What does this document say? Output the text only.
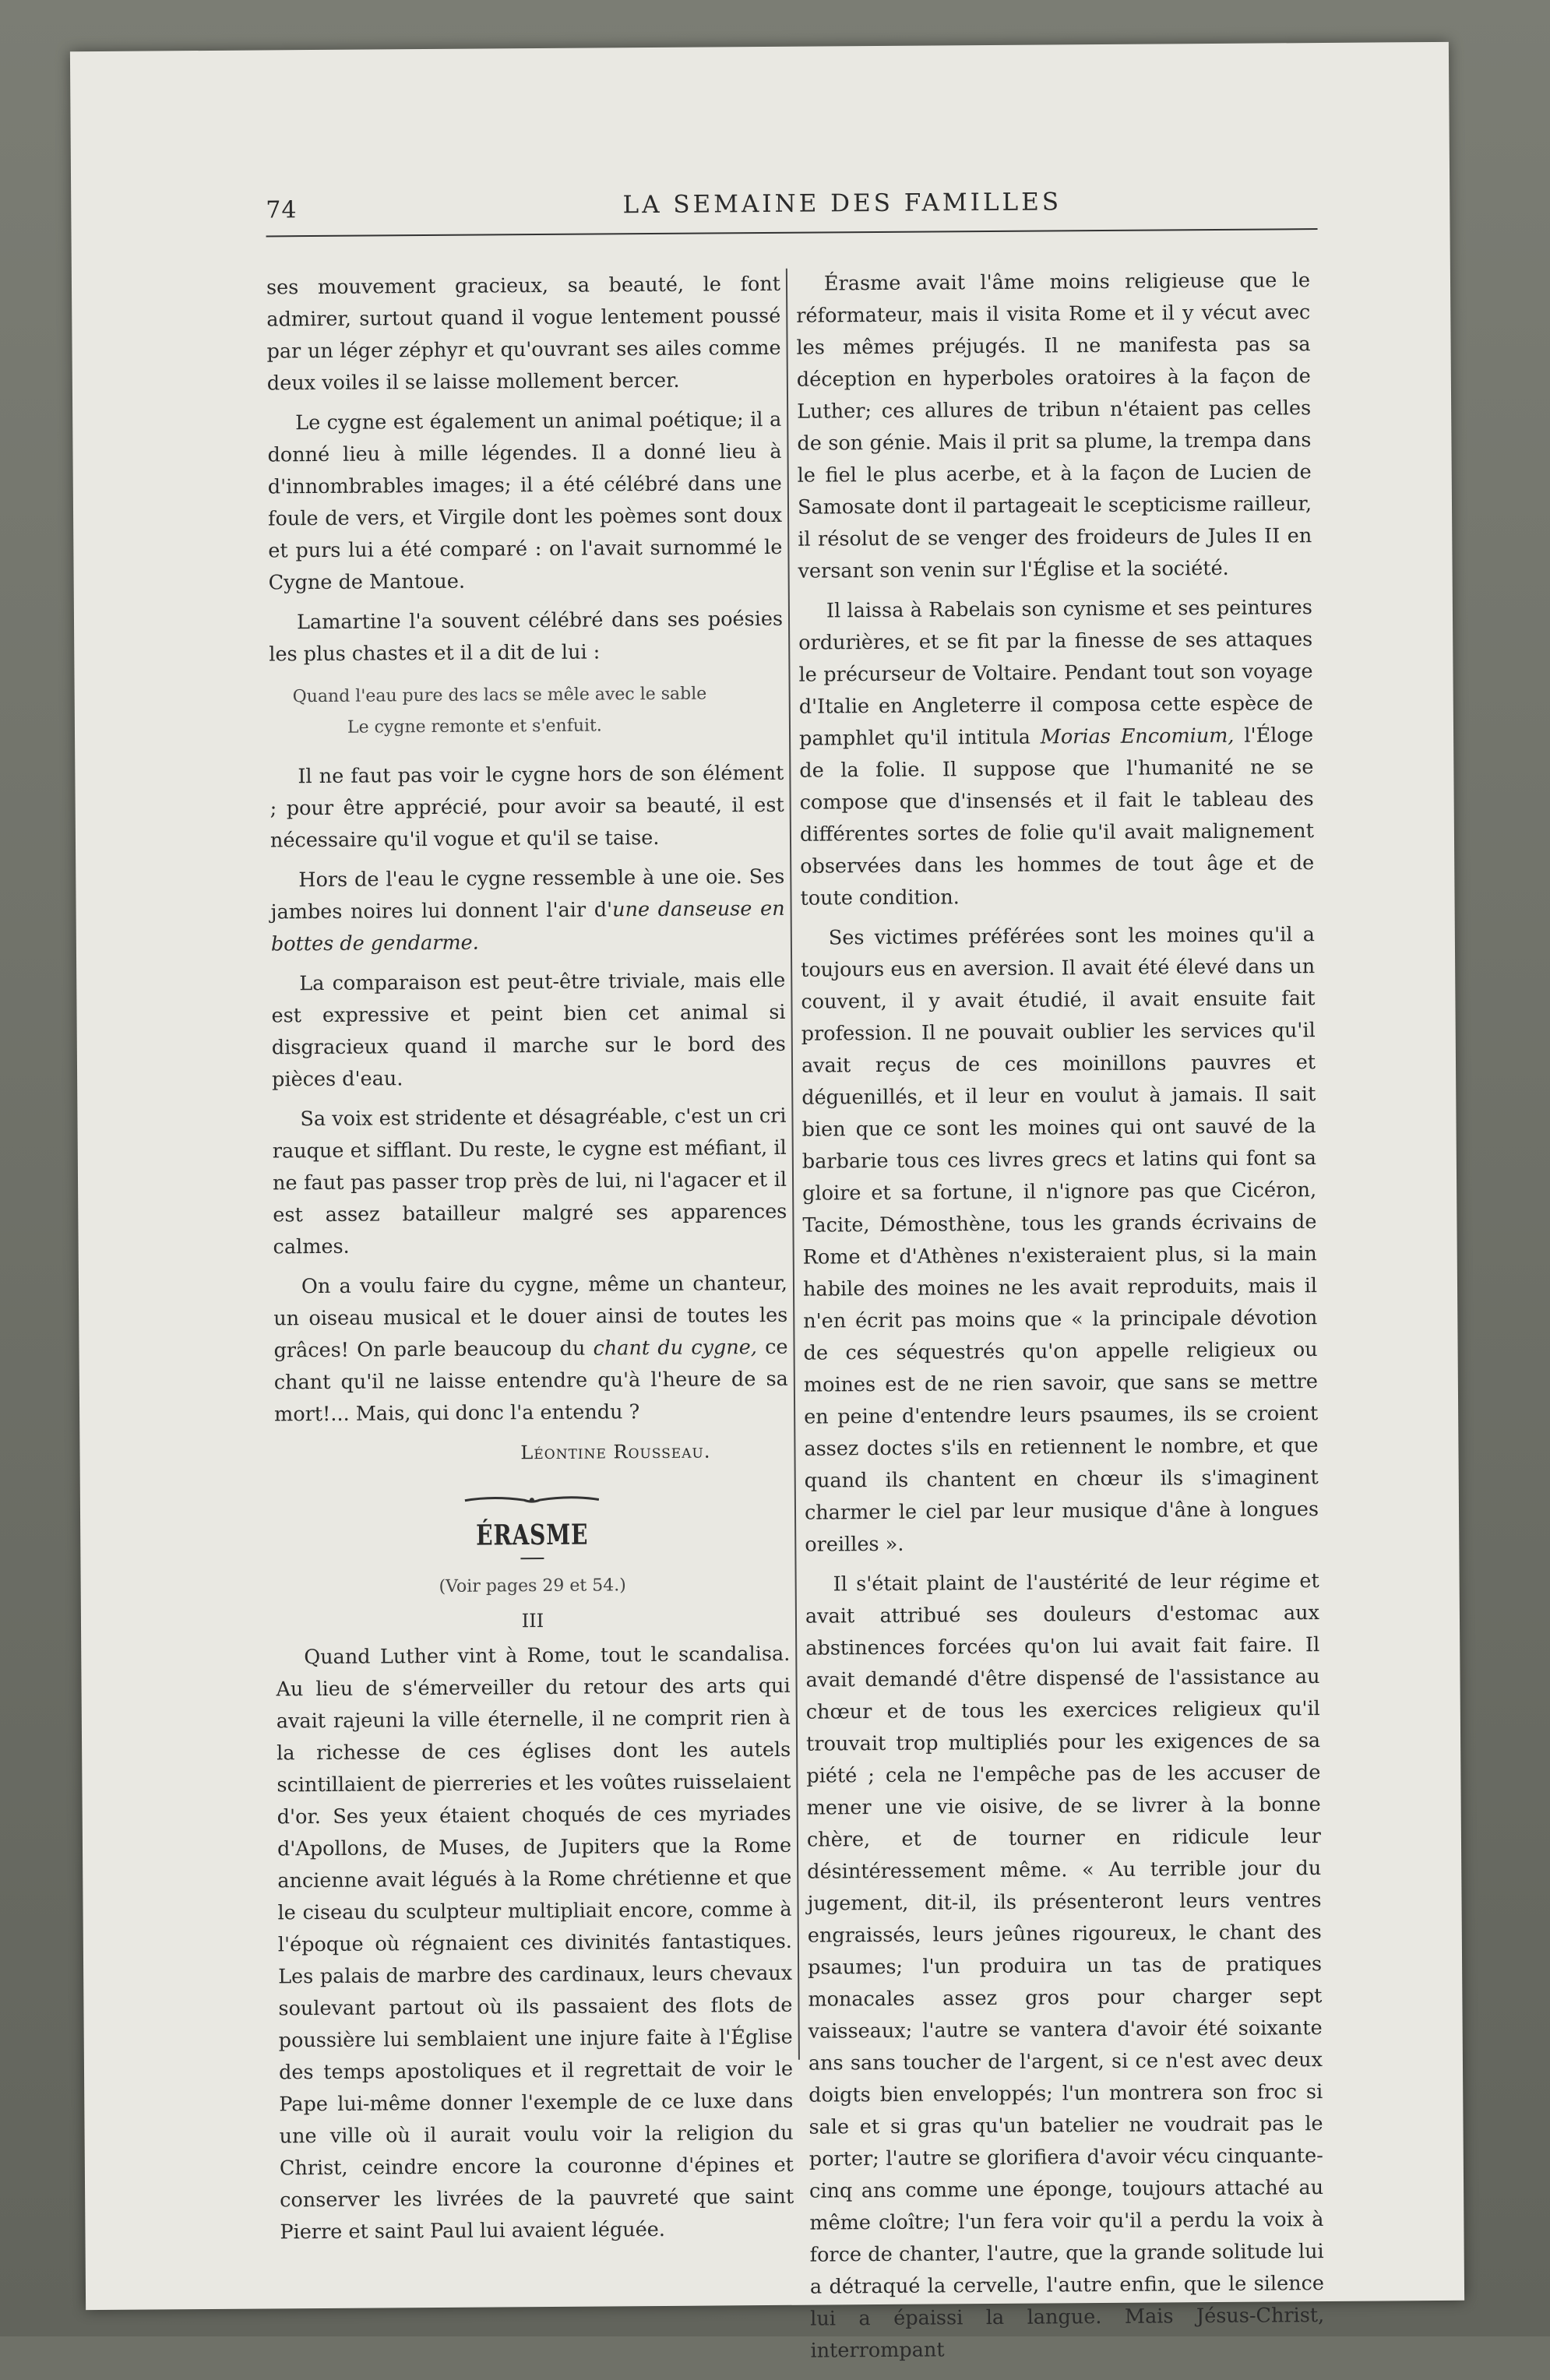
74	LA SEMAINE DES FAMILLES

ses mouvement gracieux, sa beauté, le font admirer, surtout quand il vogue lentement poussé par un léger zéphyr et qu'ouvrant ses ailes comme deux voiles il se laisse mollement bercer.

Le cygne est également un animal poétique; il a donné lieu à mille légendes. Il a donné lieu à d'innombrables images; il a été célébré dans une foule de vers, et Virgile dont les poèmes sont doux et purs lui a été comparé : on l'avait surnommé le Cygne de Mantoue.

Lamartine l'a souvent célébré dans ses poésies les plus chastes et il a dit de lui :

Quand l'eau pure des lacs se mêle avec le sable
Le cygne remonte et s'enfuit.

Il ne faut pas voir le cygne hors de son élément ; pour être apprécié, pour avoir sa beauté, il est nécessaire qu'il vogue et qu'il se taise.

Hors de l'eau le cygne ressemble à une oie. Ses jambes noires lui donnent l'air d'une danseuse en bottes de gendarme.

La comparaison est peut-être triviale, mais elle est expressive et peint bien cet animal si disgracieux quand il marche sur le bord des pièces d'eau.

Sa voix est stridente et désagréable, c'est un cri rauque et sifflant. Du reste, le cygne est méfiant, il ne faut pas passer trop près de lui, ni l'agacer et il est assez batailleur malgré ses apparences calmes.

On a voulu faire du cygne, même un chanteur, un oiseau musical et le douer ainsi de toutes les grâces! On parle beaucoup du chant du cygne, ce chant qu'il ne laisse entendre qu'à l'heure de sa mort!... Mais, qui donc l'a entendu ?

Léontine Rousseau.
ÉRASME
(Voir pages 29 et 54.)
III

Quand Luther vint à Rome, tout le scandalisa. Au lieu de s'émerveiller du retour des arts qui avait rajeuni la ville éternelle, il ne comprit rien à la richesse de ces églises dont les autels scintillaient de pierreries et les voûtes ruisselaient d'or. Ses yeux étaient choqués de ces myriades d'Apollons, de Muses, de Jupiters que la Rome ancienne avait légués à la Rome chrétienne et que le ciseau du sculpteur multipliait encore, comme à l'époque où régnaient ces divinités fantastiques. Les palais de marbre des cardinaux, leurs chevaux soulevant partout où ils passaient des flots de poussière lui semblaient une injure faite à l'Église des temps apostoliques et il regrettait de voir le Pape lui-même donner l'exemple de ce luxe dans une ville où il aurait voulu voir la religion du Christ, ceindre encore la couronne d'épines et conserver les livrées de la pauvreté que saint Pierre et saint Paul lui avaient léguée.

Érasme avait l'âme moins religieuse que le réformateur, mais il visita Rome et il y vécut avec les mêmes préjugés. Il ne manifesta pas sa déception en hyperboles oratoires à la façon de Luther; ces allures de tribun n'étaient pas celles de son génie. Mais il prit sa plume, la trempa dans le fiel le plus acerbe, et à la façon de Lucien de Samosate dont il partageait le scepticisme railleur, il résolut de se venger des froideurs de Jules II en versant son venin sur l'Église et la société.

Il laissa à Rabelais son cynisme et ses peintures ordurières, et se fit par la finesse de ses attaques le précurseur de Voltaire. Pendant tout son voyage d'Italie en Angleterre il composa cette espèce de pamphlet qu'il intitula Morias Encomium, l'Éloge de la folie. Il suppose que l'humanité ne se compose que d'insensés et il fait le tableau des différentes sortes de folie qu'il avait malignement observées dans les hommes de tout âge et de toute condition.

Ses victimes préférées sont les moines qu'il a toujours eus en aversion. Il avait été élevé dans un couvent, il y avait étudié, il avait ensuite fait profession. Il ne pouvait oublier les services qu'il avait reçus de ces moinillons pauvres et déguenillés, et il leur en voulut à jamais. Il sait bien que ce sont les moines qui ont sauvé de la barbarie tous ces livres grecs et latins qui font sa gloire et sa fortune, il n'ignore pas que Cicéron, Tacite, Démosthène, tous les grands écrivains de Rome et d'Athènes n'existeraient plus, si la main habile des moines ne les avait reproduits, mais il n'en écrit pas moins que « la principale dévotion de ces séquestrés qu'on appelle religieux ou moines est de ne rien savoir, que sans se mettre en peine d'entendre leurs psaumes, ils se croient assez doctes s'ils en retiennent le nombre, et que quand ils chantent en chœur ils s'imaginent charmer le ciel par leur musique d'âne à longues oreilles ».

Il s'était plaint de l'austérité de leur régime et avait attribué ses douleurs d'estomac aux abstinences forcées qu'on lui avait fait faire. Il avait demandé d'être dispensé de l'assistance au chœur et de tous les exercices religieux qu'il trouvait trop multipliés pour les exigences de sa piété ; cela ne l'empêche pas de les accuser de mener une vie oisive, de se livrer à la bonne chère, et de tourner en ridicule leur désintéressement même. « Au terrible jour du jugement, dit-il, ils présenteront leurs ventres engraissés, leurs jeûnes rigoureux, le chant des psaumes; l'un produira un tas de pratiques monacales assez gros pour charger sept vaisseaux; l'autre se vantera d'avoir été soixante ans sans toucher de l'argent, si ce n'est avec deux doigts bien enveloppés; l'un montrera son froc si sale et si gras qu'un batelier ne voudrait pas le porter; l'autre se glorifiera d'avoir vécu cinquante-cinq ans comme une éponge, toujours attaché au même cloître; l'un fera voir qu'il a perdu la voix à force de chanter, l'autre, que la grande solitude lui a détraqué la cervelle, l'autre enfin, que le silence lui a épaissi la langue. Mais Jésus-Christ, interrompant
